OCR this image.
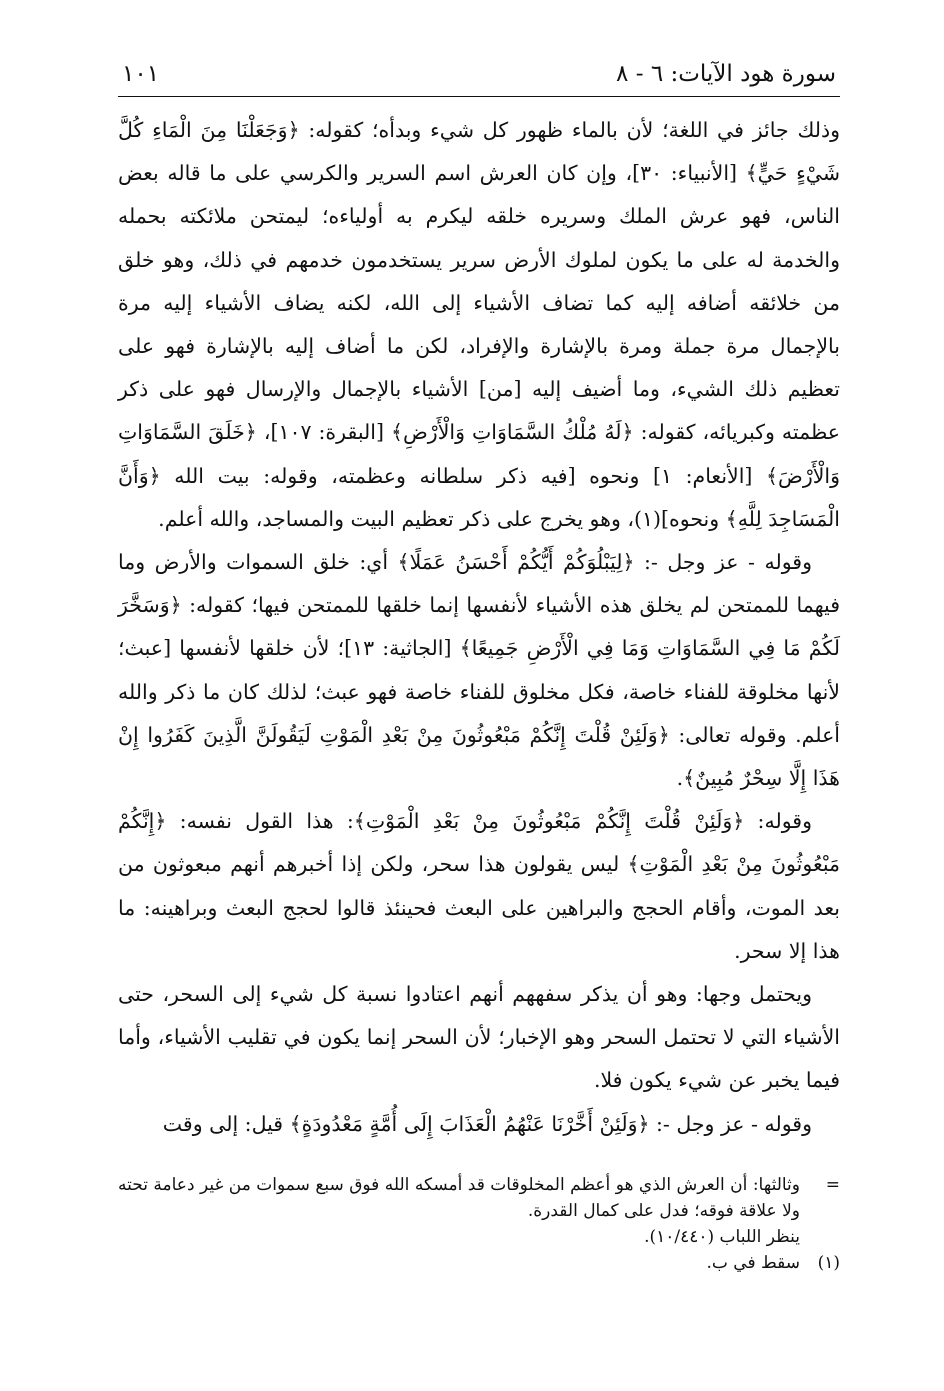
سورة هود الآيات: ٦ - ٨
١٠١

وذلك جائز في اللغة؛ لأن بالماء ظهور كل شيء وبدأه؛ كقوله: ﴿وَجَعَلْنَا مِنَ الْمَاءِ كُلَّ شَيْءٍ حَيٍّ﴾ [الأنبياء: ٣٠]، وإن كان العرش اسم السرير والكرسي على ما قاله بعض الناس، فهو عرش الملك وسريره خلقه ليكرم به أولياءه؛ ليمتحن ملائكته بحمله والخدمة له على ما يكون لملوك الأرض سرير يستخدمون خدمهم في ذلك، وهو خلق من خلائقه أضافه إليه كما تضاف الأشياء إلى الله، لكنه يضاف الأشياء إليه مرة بالإجمال مرة جملة ومرة بالإشارة والإفراد، لكن ما أضاف إليه بالإشارة فهو على تعظيم ذلك الشيء، وما أضيف إليه [من] الأشياء بالإجمال والإرسال فهو على ذكر عظمته وكبريائه، كقوله: ﴿لَهُ مُلْكُ السَّمَاوَاتِ وَالْأَرْضِ﴾ [البقرة: ١٠٧]، ﴿خَلَقَ السَّمَاوَاتِ وَالْأَرْضَ﴾ [الأنعام: ١] ونحوه [فيه ذكر سلطانه وعظمته، وقوله: بيت الله ﴿وَأَنَّ الْمَسَاجِدَ لِلَّهِ﴾ ونحوه](١)، وهو يخرج على ذكر تعظيم البيت والمساجد، والله أعلم.

وقوله - عز وجل -: ﴿لِيَبْلُوَكُمْ أَيُّكُمْ أَحْسَنُ عَمَلًا﴾ أي: خلق السموات والأرض وما فيهما للممتحن لم يخلق هذه الأشياء لأنفسها إنما خلقها للممتحن فيها؛ كقوله: ﴿وَسَخَّرَ لَكُمْ مَا فِي السَّمَاوَاتِ وَمَا فِي الْأَرْضِ جَمِيعًا﴾ [الجاثية: ١٣]؛ لأن خلقها لأنفسها [عبث؛ لأنها مخلوقة للفناء خاصة، فكل مخلوق للفناء خاصة فهو عبث؛ لذلك كان ما ذكر والله أعلم. وقوله تعالى: ﴿وَلَئِنْ قُلْتَ إِنَّكُمْ مَبْعُوثُونَ مِنْ بَعْدِ الْمَوْتِ لَيَقُولَنَّ الَّذِينَ كَفَرُوا إِنْ هَذَا إِلَّا سِحْرٌ مُبِينٌ﴾.

وقوله: ﴿وَلَئِنْ قُلْتَ إِنَّكُمْ مَبْعُوثُونَ مِنْ بَعْدِ الْمَوْتِ﴾: هذا القول نفسه: ﴿إِنَّكُمْ مَبْعُوثُونَ مِنْ بَعْدِ الْمَوْتِ﴾ ليس يقولون هذا سحر، ولكن إذا أخبرهم أنهم مبعوثون من بعد الموت، وأقام الحجج والبراهين على البعث فحينئذ قالوا لحجج البعث وبراهينه: ما هذا إلا سحر.

ويحتمل وجها: وهو أن يذكر سفههم أنهم اعتادوا نسبة كل شيء إلى السحر، حتى الأشياء التي لا تحتمل السحر وهو الإخبار؛ لأن السحر إنما يكون في تقليب الأشياء، وأما فيما يخبر عن شيء يكون فلا.

وقوله - عز وجل -: ﴿وَلَئِنْ أَخَّرْنَا عَنْهُمُ الْعَذَابَ إِلَى أُمَّةٍ مَعْدُودَةٍ﴾ قيل: إلى وقت

=

وثالثها: أن العرش الذي هو أعظم المخلوقات قد أمسكه الله فوق سبع سموات من غير دعامة تحته ولا علاقة فوقه؛ فدل على كمال القدرة.

ينظر اللباب (١٠/٤٤٠).

(١)
سقط في ب.
